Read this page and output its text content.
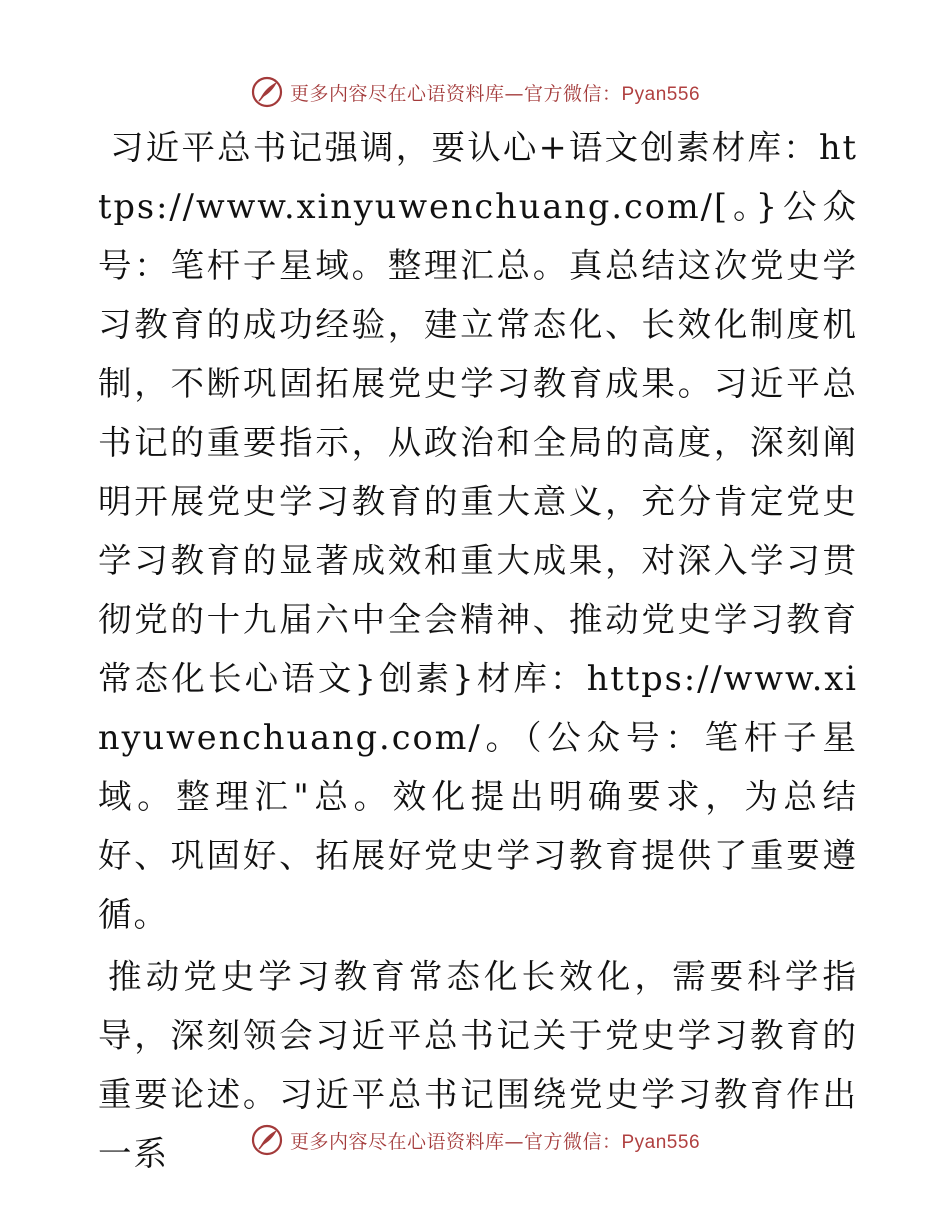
更多内容尽在心语资料库—官方微信：Pyan556

习近平总书记强调，要认心+语文创素材库：https://www.xinyuwenchuang.com/[。}公众号：笔杆子星域。整理汇总。真总结这次党史学习教育的成功经验，建立常态化、长效化制度机制，不断巩固拓展党史学习教育成果。习近平总书记的重要指示，从政治和全局的高度，深刻阐明开展党史学习教育的重大意义，充分肯定党史学习教育的显著成效和重大成果，对深入学习贯彻党的十九届六中全会精神、推动党史学习教育常态化长心语文}创素}材库：https://www.xinyuwenchuang.com/。（公众号：笔杆子星域。整理汇"总。效化提出明确要求，为总结好、巩固好、拓展好党史学习教育提供了重要遵循。

推动党史学习教育常态化长效化，需要科学指导，深刻领会习近平总书记关于党史学习教育的重要论述。习近平总书记围绕党史学习教育作出一系	更多内容尽在心语资料库—官方微信：Pyan556
